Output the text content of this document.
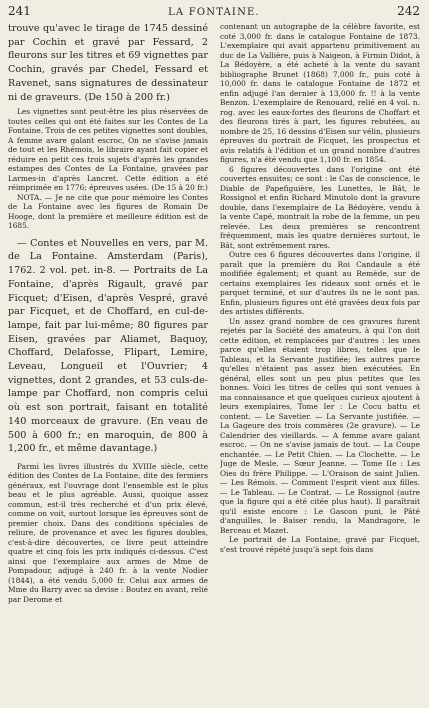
241	LA FONTAINE.	242

trouve qu'avec le tirage de 1745 dessiné par Cochin et gravé par Fessard, 2 fleurons sur les titres et 69 vignettes par Cochin, gravés par Chedel, Fessard et Ravenet, sans signatures de dessinateur ni de graveurs. (De 150 à 200 fr.)

Les vignettes sont peut-être les plus réservées de toutes celles qui ont été faites sur les Contes de La Fontaine. Trois de ces petites vignettes sont doubles, A femme avare galant escroc, On ne s'avise jamais de tout et les Rhémois, le libraire ayant fait copier et réduire en petit ces trois sujets d'après les grandes estampes des Contes de La Fontaine, gravées par Larmes-in d'après Lancret. Cette édition a été réimprimée en 1776; épreuves usées. (De 15 à 20 fr.)

NOTA. — Je ne cite que pour mémoire les Contes de La Fontaine avec les figures de Romain De Hooge, dont la première et meilleure édition est de 1685.

— Contes et Nouvelles en vers, par M. de La Fontaine. Amsterdam (Paris), 1762. 2 vol. pet. in-8. — Portraits de La Fontaine, d'après Rigault, gravé par Ficquet; d'Eisen, d'après Vespré, gravé par Ficquet, et de Choffard, en cul-de-lampe, fait par lui-même; 80 figures par Eisen, gravées par Aliamet, Baquoy, Choffard, Delafosse, Flipart, Lemire, Leveau, Longueil et l'Ouvrier; 4 vignettes, dont 2 grandes, et 53 culs-de-lampe par Choffard, non compris celui où est son portrait, faisant en totalité 140 morceaux de gravure. (En veau de 500 à 600 fr.; en maroquin, de 800 à 1,200 fr., et même davantage.)

Parmi les livres illustrés du XVIIIe siècle, cette édition des Contes de La Fontaine, dite des fermiers généraux, est l'ouvrage dont l'ensemble est le plus beau et le plus agréable. Aussi, quoique assez commun, est-il très recherché et d'un prix élevé, comme on voit, surtout lorsque les épreuves sont de premier choix. Dans des conditions spéciales de reliure, de provenance et avec les figures doubles, c'est-à-dire découvertes, ce livre peut atteindre quatre et cinq fois les prix indiqués ci-dessus. C'est ainsi que l'exemplaire aux armes de Mme de Pompadour, adjugé à 240 fr. à la vente Nodier (1844), a été vendu 5,000 fr. Celui aux armes de Mme du Barry avec sa devise : Boutez en avant, relié par Derome et

contenant un autographe de la célèbre favorite, est coté 3,000 fr. dans le catalogue Fontaine de 1873. L'exemplaire qui avait appartenu primitivement au duc de La Vallière, puis à Naigeon, à Firmin Didot, à La Bédoyère, a été acheté à la vente du savant bibliographe Brunet (1868) 7,000 fr., puis coté à 10,000 fr. dans le catalogue Fontaine de 1872 et enfin adjugé l'an dernier à 13,000 fr. !! à la vente Benzon. L'exemplaire de Renouard, relié en 4 vol. n. rog. avec les eaux-fortes des fleurons de Choffart et des fleurons tirés à part, les figures rebutées, au nombre de 25, 16 dessins d'Eisen sur vélin, plusieurs épreuves du portrait de Ficquet, les prospectus et avis relatifs à l'édition et un grand nombre d'autres figures, n'a été vendu que 1,100 fr. en 1854.

6 figures découvertes dans l'origine ont été couvertes ensuites; ce sont : le Cas de conscience, le Diable de Papefiguière, les Lunettes, le Bât, le Rossignol et enfin Richard Minutolo dont la gravure double, dans l'exemplaire de La Bédoyère, vendu à la vente Capé, montrait la robe de la femme, un peu relevée. Les deux premières se rencontrent fréquemment, mais les quatre dernières surtout, le Bât, sont extrêmement rares.

Outre ces 6 figures découvertes dans l'origine, il paraît que la première du Roi Candaule a été modifiée également; et quant au Remède, sur de certains exemplaires les rideaux sont ornés et le parquet terminé, et sur d'autres ils ne le sont pas. Enfin, plusieurs figures ont été gravées deux fois par des artistes différents.

Un assez grand nombre de ces gravures furent rejetés par la Société des amateurs, à qui l'on doit cette édition, et remplacées par d'autres : les unes parce qu'elles étaient trop libres, telles que le Tableau, et la Servante justifiée; les autres parce qu'elles n'étaient pas assez bien exécutées. En général, elles sont un peu plus petites que les bonnes. Voici les titres de celles qui sont venues à ma connaissance et que quelques curieux ajoutent à leurs exemplaires, Tome Ier : Le Cocu battu et content. — Le Savetier. — La Servante justifiée. — La Gageure des trois commères (2e gravure). — Le Calendrier des vieillards. — A femme avare galant escroc. — On ne s'avise jamais de tout. — La Coupe enchantée. — Le Petit Chien. — La Clochette. — Le Juge de Mesle. — Sœur Jeanne. — Tome IIe : Les Oies du frère Philippe. — L'Oraison de saint Julien. — Les Rémois. — Comment l'esprit vient aux filles. — Le Tableau. — Le Contrat. — Le Rossignol (autre que la figure qui a été citée plus haut). Il paraîtrait qu'il existe encore : Le Gascon puni, le Pâté d'anguilles, le Baiser rendu, la Mandragore, le Berceau et Mazet.

Le portrait de La Fontaine, gravé par Ficquet, s'est trouvé répété jusqu'à sept fois dans
